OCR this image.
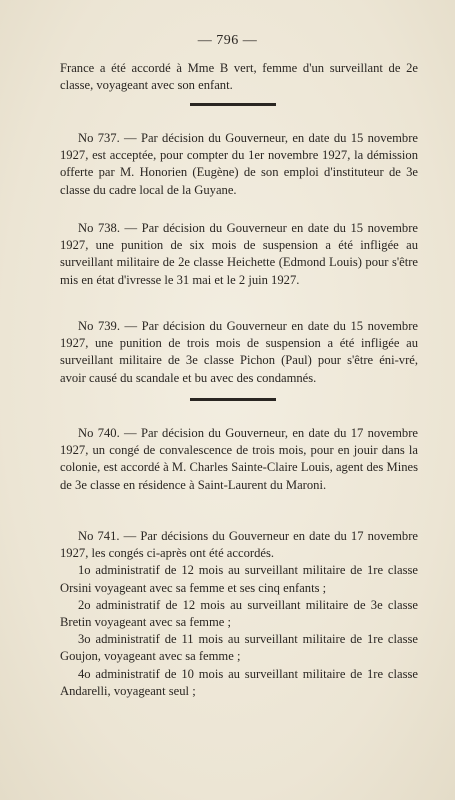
— 796 —

France a été accordé à Mme B vert, femme d'un surveillant de 2e classe, voyageant avec son enfant.

No 737. — Par décision du Gouverneur, en date du 15 novembre 1927, est acceptée, pour compter du 1er novembre 1927, la démission offerte par M. Honorien (Eugène) de son emploi d'instituteur de 3e classe du cadre local de la Guyane.

No 738. — Par décision du Gouverneur en date du 15 novembre 1927, une punition de six mois de suspension a été infligée au surveillant militaire de 2e classe Heichette (Edmond Louis) pour s'être mis en état d'ivresse le 31 mai et le 2 juin 1927.

No 739. — Par décision du Gouverneur en date du 15 novembre 1927, une punition de trois mois de suspension a été infligée au surveillant militaire de 3e classe Pichon (Paul) pour s'être éni-vré, avoir causé du scandale et bu avec des condamnés.

No 740. — Par décision du Gouverneur, en date du 17 novembre 1927, un congé de convalescence de trois mois, pour en jouir dans la colonie, est accordé à M. Charles Sainte-Claire Louis, agent des Mines de 3e classe en résidence à Saint-Laurent du Maroni.

No 741. — Par décisions du Gouverneur en date du 17 novembre 1927, les congés ci-après ont été accordés.

1o administratif de 12 mois au surveillant militaire de 1re classe Orsini voyageant avec sa femme et ses cinq enfants ;

2o administratif de 12 mois au surveillant militaire de 3e classe Bretin voyageant avec sa femme ;

3o administratif de 11 mois au surveillant militaire de 1re classe Goujon, voyageant avec sa femme ;

4o administratif de 10 mois au surveillant militaire de 1re classe Andarelli, voyageant seul ;
